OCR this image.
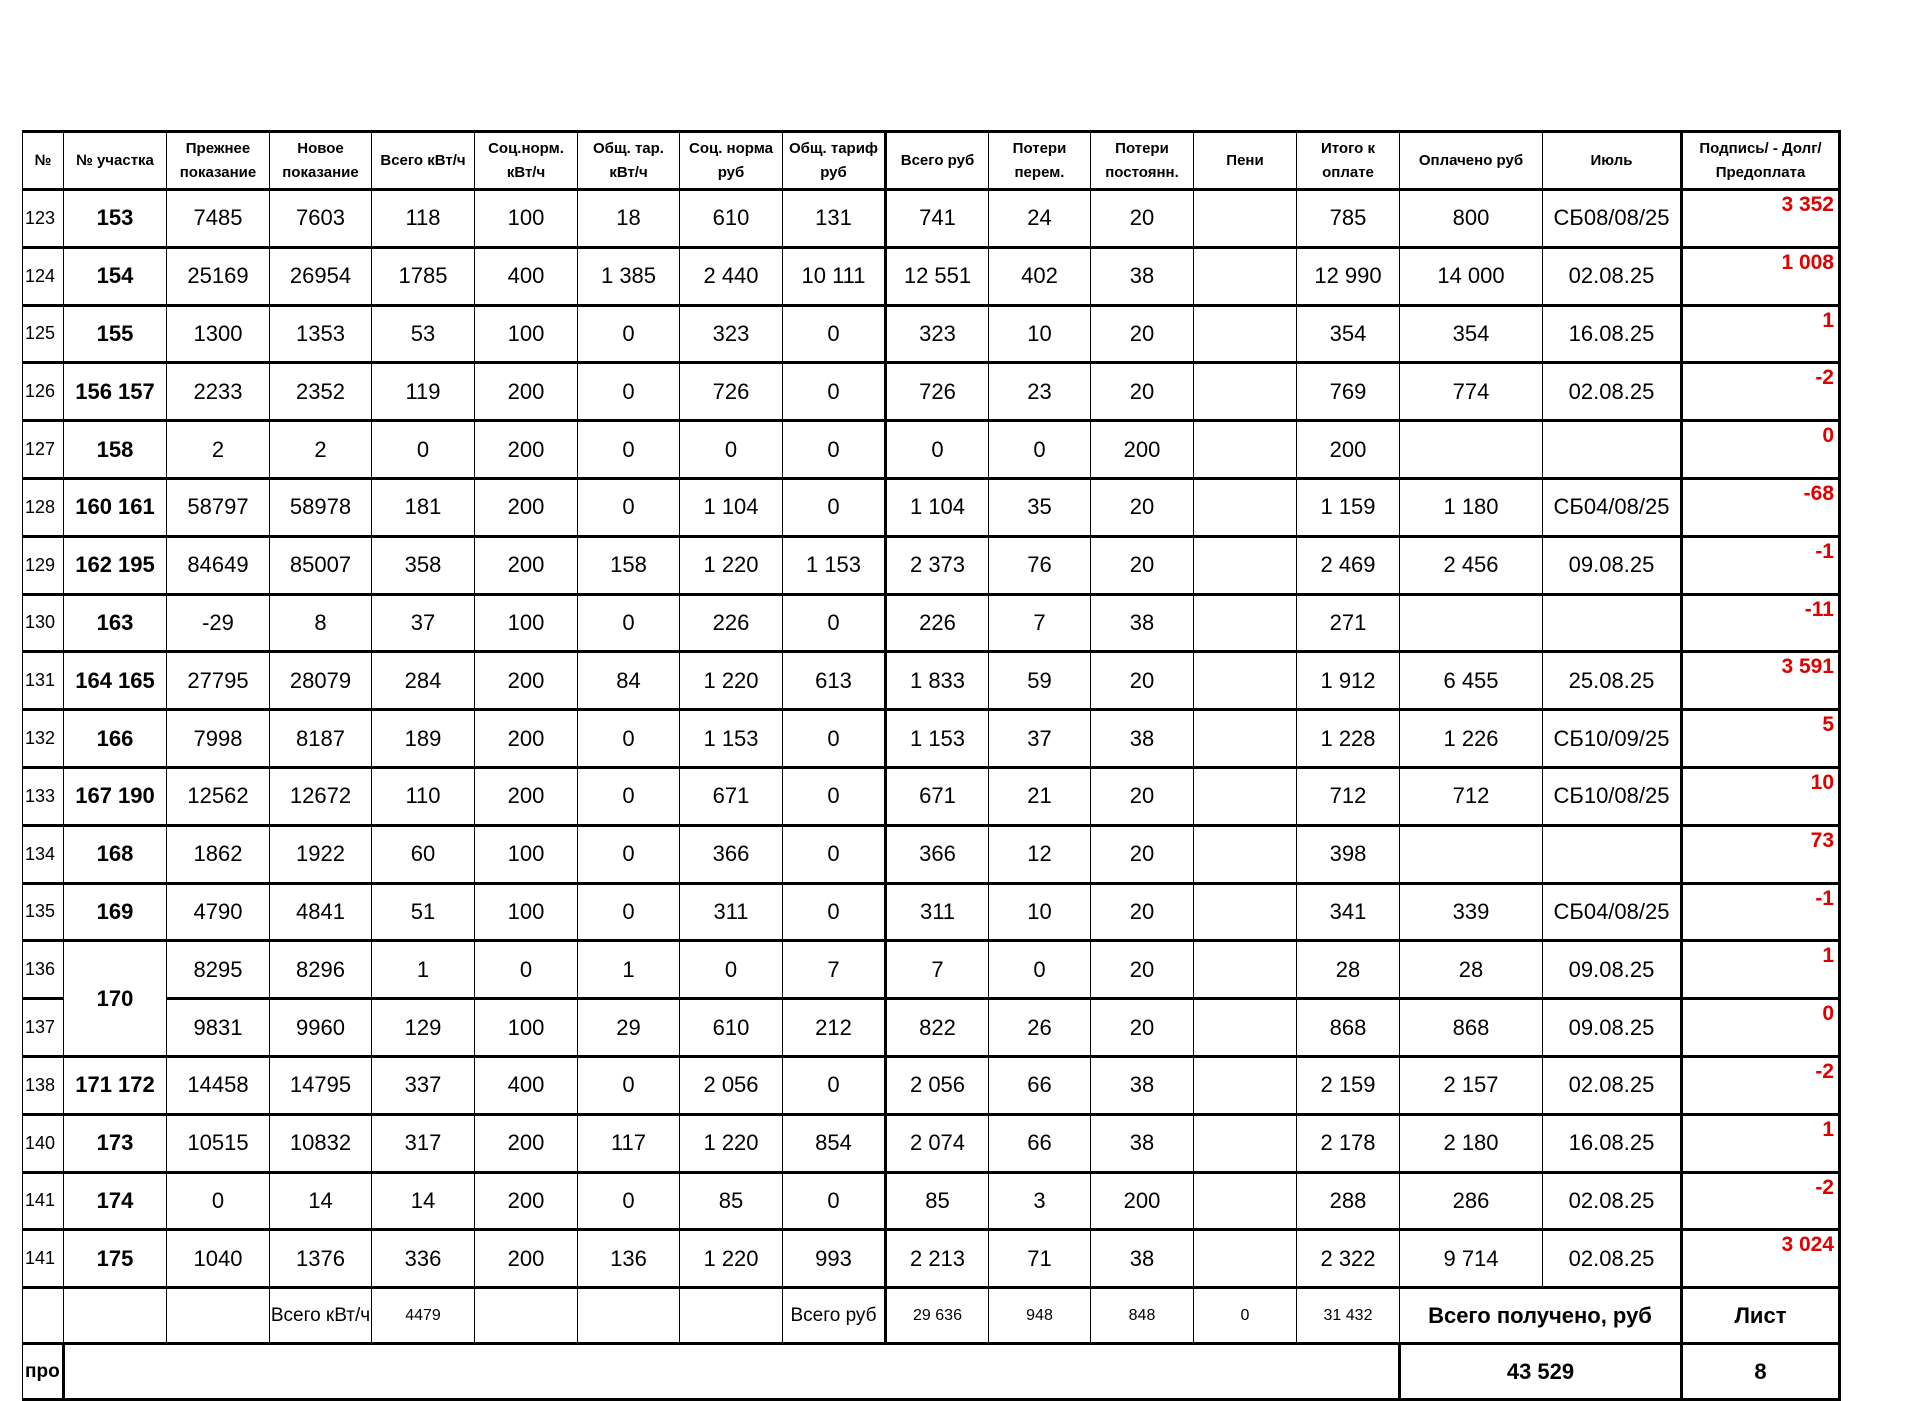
№	№ участка	Прежнее показание	Новое показание	Всего кВт/ч	Соц.норм. кВт/ч	Общ. тар. кВт/ч	Соц. норма руб	Общ. тариф руб	Всего руб	Потери перем.	Потери постоянн.	Пени	Итого к оплате	Оплачено руб	Июль	Подпись/ - Долг/Предоплата
123	153	7485	7603	118	100	18	610	131	741	24	20		785	800	СБ08/08/25	3 352
124	154	25169	26954	1785	400	1 385	2 440	10 111	12 551	402	38		12 990	14 000	02.08.25	1 008
125	155	1300	1353	53	100	0	323	0	323	10	20		354	354	16.08.25	1
126	156 157	2233	2352	119	200	0	726	0	726	23	20		769	774	02.08.25	-2
127	158	2	2	0	200	0	0	0	0	0	200		200			0
128	160 161	58797	58978	181	200	0	1 104	0	1 104	35	20		1 159	1 180	СБ04/08/25	-68
129	162 195	84649	85007	358	200	158	1 220	1 153	2 373	76	20		2 469	2 456	09.08.25	-1
130	163	-29	8	37	100	0	226	0	226	7	38		271			-11
131	164 165	27795	28079	284	200	84	1 220	613	1 833	59	20		1 912	6 455	25.08.25	3 591
132	166	7998	8187	189	200	0	1 153	0	1 153	37	38		1 228	1 226	СБ10/09/25	5
133	167 190	12562	12672	110	200	0	671	0	671	21	20		712	712	СБ10/08/25	10
134	168	1862	1922	60	100	0	366	0	366	12	20		398			73
135	169	4790	4841	51	100	0	311	0	311	10	20		341	339	СБ04/08/25	-1
136	170	8295	8296	1	0	1	0	7	7	0	20		28	28	09.08.25	1
137		9831	9960	129	100	29	610	212	822	26	20		868	868	09.08.25	0
138	171 172	14458	14795	337	400	0	2 056	0	2 056	66	38		2 159	2 157	02.08.25	-2
140	173	10515	10832	317	200	117	1 220	854	2 074	66	38		2 178	2 180	16.08.25	1
141	174	0	14	14	200	0	85	0	85	3	200		288	286	02.08.25	-2
141	175	1040	1376	336	200	136	1 220	993	2 213	71	38		2 322	9 714	02.08.25	3 024
			Всего кВт/ч	4479				Всего руб	29 636	948	848	0	31 432	Всего получено, руб		Лист
про														43 529		8
